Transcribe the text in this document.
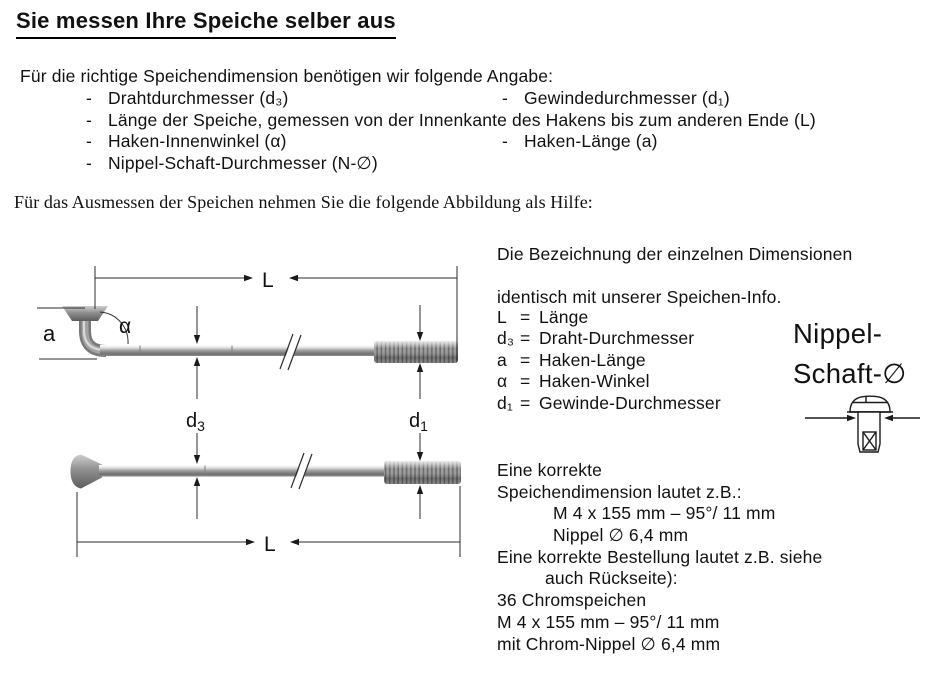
Sie messen Ihre Speiche selber aus
Für die richtige Speichendimension benötigen wir folgende Angabe:
- Drahtdurchmesser (d₃)	- Gewindedurchmesser (d₁)
- Länge der Speiche, gemessen von der Innenkante des Hakens bis zum anderen Ende (L)
- Haken-Innenwinkel (α)	- Haken-Länge (a)
- Nippel-Schaft-Durchmesser (N-∅)
Für das Ausmessen der Speichen nehmen Sie die folgende Abbildung als Hilfe:
L
a	α
$d_3$	$d_1$
L
Die Bezeichnung der einzelnen Dimensionen
identisch mit unserer Speichen-Info.
L = Länge
d₃ = Draht-Durchmesser
a = Haken-Länge
α = Haken-Winkel
d₁ = Gewinde-Durchmesser
Nippel-
Schaft-∅
Eine korrekte
Speichendimension lautet z.B.:
M 4 x 155 mm – 95°/ 11 mm
Nippel ∅ 6,4 mm
Eine korrekte Bestellung lautet z.B. siehe
auch Rückseite):
36 Chromspeichen
M 4 x 155 mm – 95°/ 11 mm
mit Chrom-Nippel ∅ 6,4 mm
